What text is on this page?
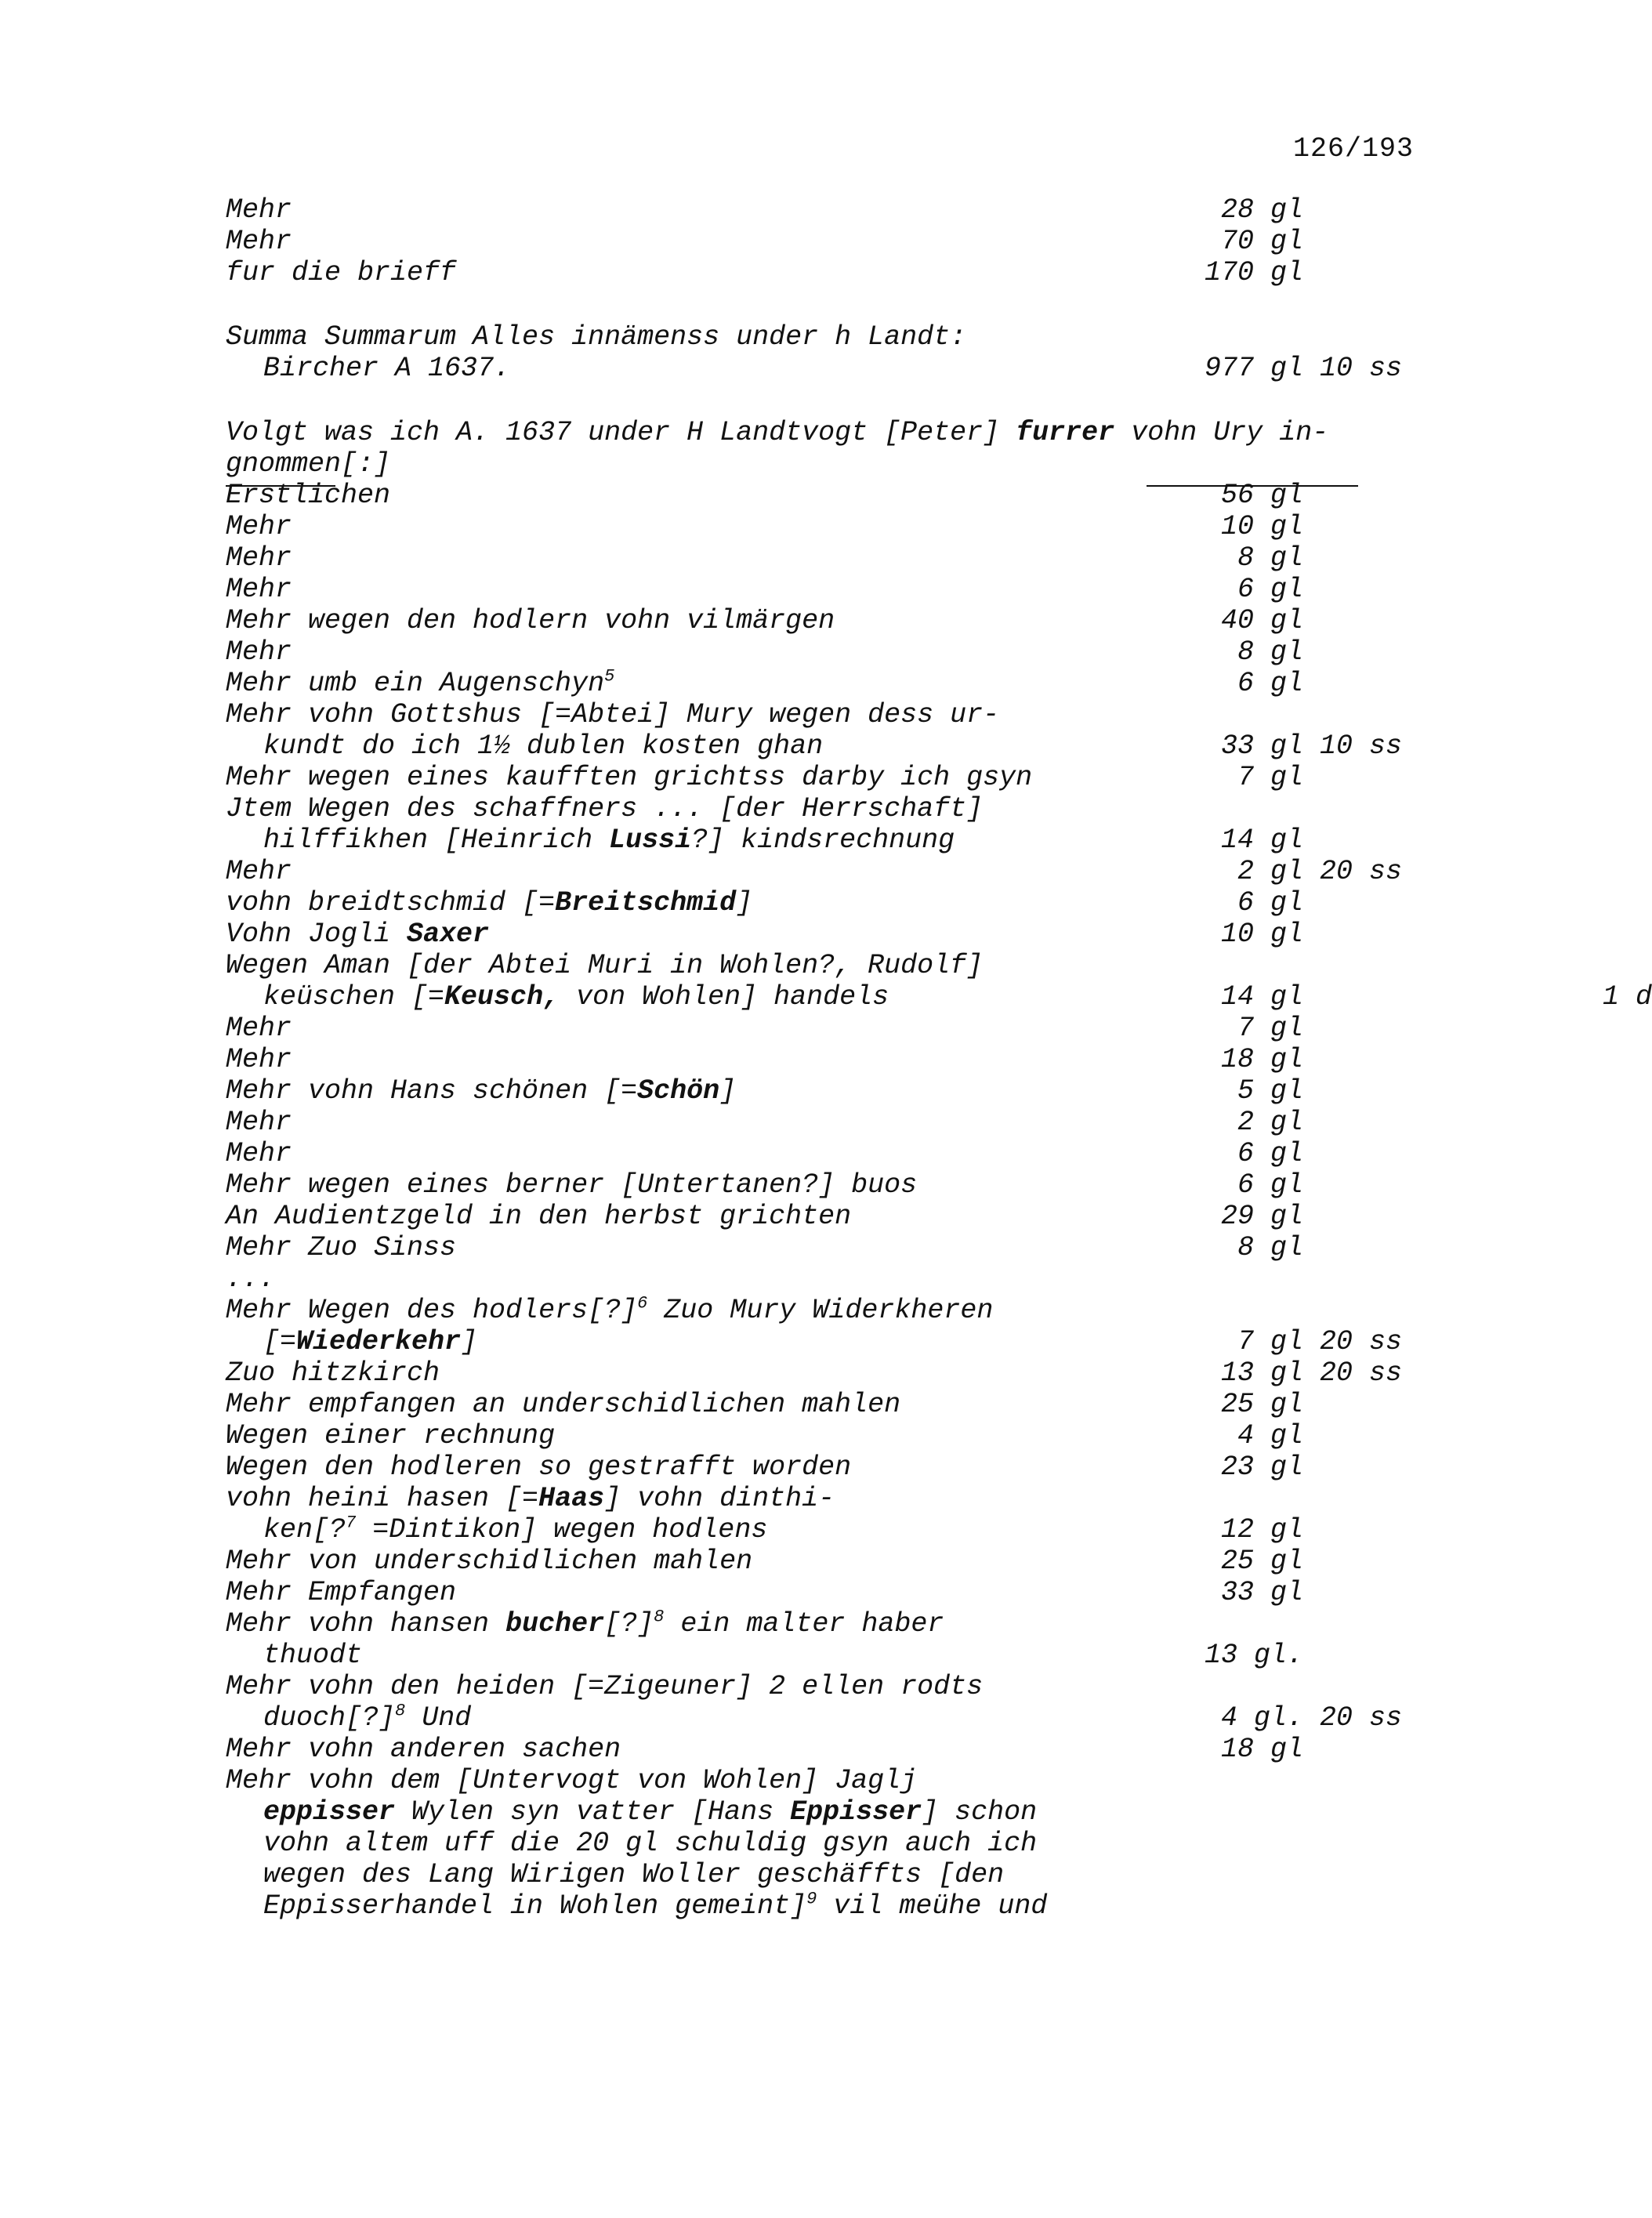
126/193
Mehr	28 gl
Mehr	70 gl
fur die brieff	170 gl
Summa Summarum Alles innämenss under h Landt:
Bircher A 1637.	977 gl 10 ss
Volgt was ich A. 1637 under H Landtvogt [Peter] furrer vohn Ury in-
gnommen[:]
Erstlichen	56 gl
Mehr	10 gl
Mehr	8 gl
Mehr	6 gl
Mehr wegen den hodlern vohn vilmärgen	40 gl
Mehr	8 gl
Mehr umb ein Augenschyn$^5$	6 gl
Mehr vohn Gottshus [=Abtei] Mury wegen dess ur-
kundt do ich 1½ dublen kosten ghan	33 gl 10 ss
Mehr wegen eines kaufften grichtss darby ich gsyn	7 gl
Jtem Wegen des schaffners ... [der Herrschaft]
hilffikhen [Heinrich Lussi?] kindsrechnung	14 gl
Mehr	2 gl 20 ss
vohn breidtschmid [=Breitschmid]	6 gl
Vohn Jogli Saxer	10 gl
Wegen Aman [der Abtei Muri in Wohlen?, Rudolf]
keüschen [=Keusch, von Wohlen] handels	14 gl	1 d
Mehr	7 gl
Mehr	18 gl
Mehr vohn Hans schönen [=Schön]	5 gl
Mehr	2 gl
Mehr	6 gl
Mehr wegen eines berner [Untertanen?] buos	6 gl
An Audientzgeld in den herbst grichten	29 gl
Mehr Zuo Sinss	8 gl
...
Mehr Wegen des hodlers[?]$^6$ Zuo Mury Widerkheren
[=Wiederkehr]	7 gl 20 ss
Zuo hitzkirch	13 gl 20 ss
Mehr empfangen an underschidlichen mahlen	25 gl
Wegen einer rechnung	4 gl
Wegen den hodleren so gestrafft worden	23 gl
vohn heini hasen [=Haas] vohn dinthi-
ken[?$^7$ =Dintikon] wegen hodlens	12 gl
Mehr von underschidlichen mahlen	25 gl
Mehr Empfangen	33 gl
Mehr vohn hansen bucher[?]$^8$ ein malter haber
thuodt	13 gl.
Mehr vohn den heiden [=Zigeuner] 2 ellen rodts
duoch[?]$^8$ Und	4 gl. 20 ss
Mehr vohn anderen sachen	18 gl
Mehr vohn dem [Untervogt von Wohlen] Jaglj
eppisser Wylen syn vatter [Hans Eppisser] schon
vohn altem uff die 20 gl schuldig gsyn auch ich
wegen des Lang Wirigen Woller geschäffts [den
Eppisserhandel in Wohlen gemeint]$^9$ vil meühe und
